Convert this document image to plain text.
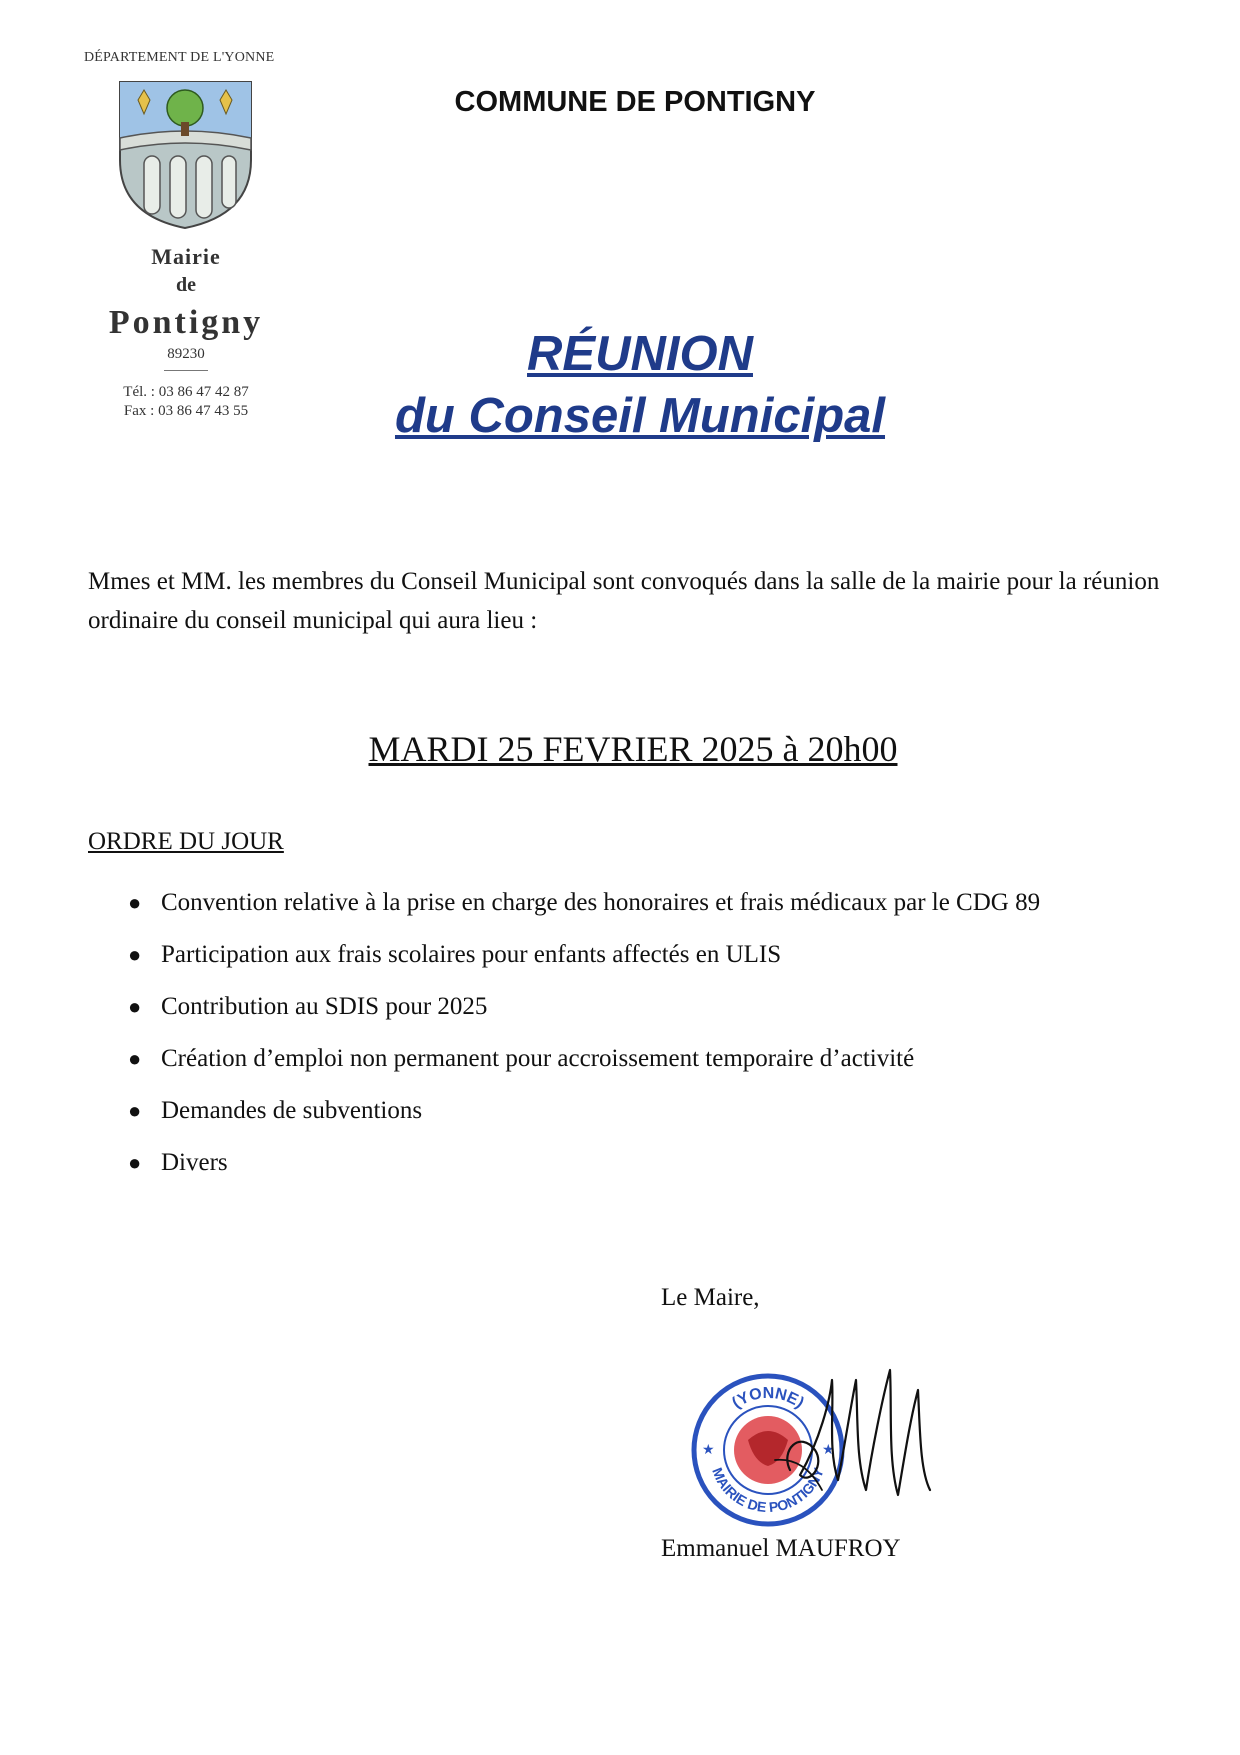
DÉPARTEMENT DE L'YONNE
Mairie
de
Pontigny
89230
Tél. : 03 86 47 42 87
Fax : 03 86 47 43 55
COMMUNE DE PONTIGNY
RÉUNION
du Conseil Municipal
Mmes et MM. les membres du Conseil Municipal sont convoqués dans la salle de la mairie pour la réunion ordinaire du conseil municipal qui aura lieu :
MARDI 25 FEVRIER 2025 à 20h00
ORDRE DU JOUR
● Convention relative à la prise en charge des honoraires et frais médicaux par le CDG 89
● Participation aux frais scolaires pour enfants affectés en ULIS
● Contribution au SDIS pour 2025
● Création d’emploi non permanent pour accroissement temporaire d’activité
● Demandes de subventions
● Divers
Le Maire,
(YONNE)
MAIRIE DE PONTIGNY
★	★
Emmanuel MAUFROY
